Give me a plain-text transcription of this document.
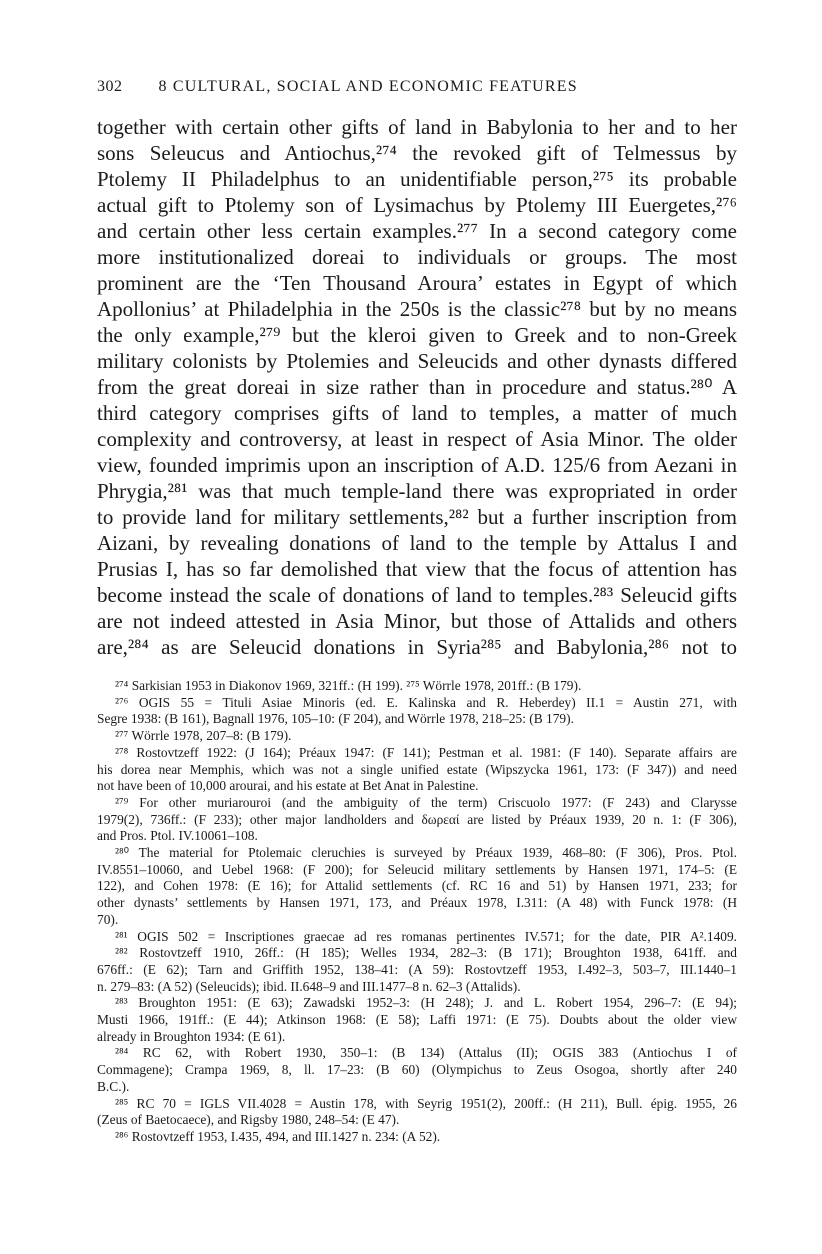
302 8 CULTURAL, SOCIAL AND ECONOMIC FEATURES
together with certain other gifts of land in Babylonia to her and to her
sons Seleucus and Antiochus,²⁷⁴ the revoked gift of Telmessus by
Ptolemy II Philadelphus to an unidentifiable person,²⁷⁵ its probable
actual gift to Ptolemy son of Lysimachus by Ptolemy III Euergetes,²⁷⁶
and certain other less certain examples.²⁷⁷ In a second category come
more institutionalized doreai to individuals or groups. The most
prominent are the ‘Ten Thousand Aroura’ estates in Egypt of which
Apollonius’ at Philadelphia in the 250s is the classic²⁷⁸ but by no means
the only example,²⁷⁹ but the kleroi given to Greek and to non-Greek
military colonists by Ptolemies and Seleucids and other dynasts differed
from the great doreai in size rather than in procedure and status.²⁸⁰ A
third category comprises gifts of land to temples, a matter of much
complexity and controversy, at least in respect of Asia Minor. The older
view, founded imprimis upon an inscription of A.D. 125/6 from Aezani in
Phrygia,²⁸¹ was that much temple-land there was expropriated in order
to provide land for military settlements,²⁸² but a further inscription from
Aizani, by revealing donations of land to the temple by Attalus I and
Prusias I, has so far demolished that view that the focus of attention has
become instead the scale of donations of land to temples.²⁸³ Seleucid gifts
are not indeed attested in Asia Minor, but those of Attalids and others
are,²⁸⁴ as are Seleucid donations in Syria²⁸⁵ and Babylonia,²⁸⁶ not to
²⁷⁴ Sarkisian 1953 in Diakonov 1969, 321ff.: (H 199). ²⁷⁵ Wörrle 1978, 201ff.: (B 179).
²⁷⁶ OGIS 55 = Tituli Asiae Minoris (ed. E. Kalinska and R. Heberdey) II.1 = Austin 271, with
Segre 1938: (B 161), Bagnall 1976, 105–10: (F 204), and Wörrle 1978, 218–25: (B 179).
²⁷⁷ Wörrle 1978, 207–8: (B 179).
²⁷⁸ Rostovtzeff 1922: (J 164); Préaux 1947: (F 141); Pestman et al. 1981: (F 140). Separate affairs are
his dorea near Memphis, which was not a single unified estate (Wipszycka 1961, 173: (F 347)) and need
not have been of 10,000 arourai, and his estate at Bet Anat in Palestine.
²⁷⁹ For other muriarouroi (and the ambiguity of the term) Criscuolo 1977: (F 243) and Clarysse
1979(2), 736ff.: (F 233); other major landholders and δωρεαί are listed by Préaux 1939, 20 n. 1: (F 306),
and Pros. Ptol. IV.10061–108.
²⁸⁰ The material for Ptolemaic cleruchies is surveyed by Préaux 1939, 468–80: (F 306), Pros. Ptol.
IV.8551–10060, and Uebel 1968: (F 200); for Seleucid military settlements by Hansen 1971, 174–5: (E
122), and Cohen 1978: (E 16); for Attalid settlements (cf. RC 16 and 51) by Hansen 1971, 233; for
other dynasts’ settlements by Hansen 1971, 173, and Préaux 1978, I.311: (A 48) with Funck 1978: (H
70).
²⁸¹ OGIS 502 = Inscriptiones graecae ad res romanas pertinentes IV.571; for the date, PIR A².1409.
²⁸² Rostovtzeff 1910, 26ff.: (H 185); Welles 1934, 282–3: (B 171); Broughton 1938, 641ff. and
676ff.: (E 62); Tarn and Griffith 1952, 138–41: (A 59): Rostovtzeff 1953, I.492–3, 503–7, III.1440–1
n. 279–83: (A 52) (Seleucids); ibid. II.648–9 and III.1477–8 n. 62–3 (Attalids).
²⁸³ Broughton 1951: (E 63); Zawadski 1952–3: (H 248); J. and L. Robert 1954, 296–7: (E 94);
Musti 1966, 191ff.: (E 44); Atkinson 1968: (E 58); Laffi 1971: (E 75). Doubts about the older view
already in Broughton 1934: (E 61).
²⁸⁴ RC 62, with Robert 1930, 350–1: (B 134) (Attalus (II); OGIS 383 (Antiochus I of
Commagene); Crampa 1969, 8, ll. 17–23: (B 60) (Olympichus to Zeus Osogoa, shortly after 240
B.C.).
²⁸⁵ RC 70 = IGLS VII.4028 = Austin 178, with Seyrig 1951(2), 200ff.: (H 211), Bull. épig. 1955, 26
(Zeus of Baetocaece), and Rigsby 1980, 248–54: (E 47).
²⁸⁶ Rostovtzeff 1953, I.435, 494, and III.1427 n. 234: (A 52).
